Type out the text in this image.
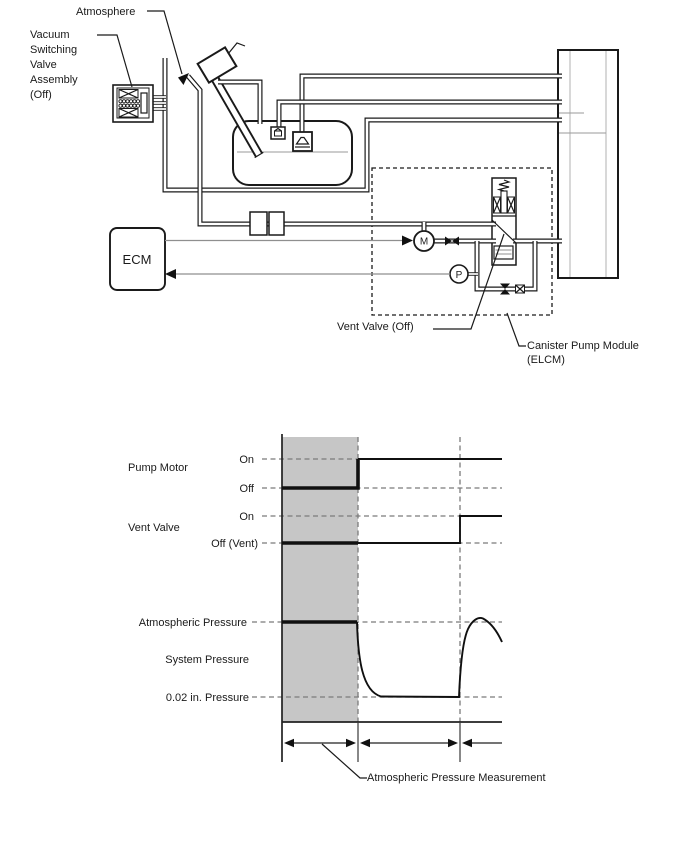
M
P
ECM
Atmosphere
Vacuum
Switching
Valve
Assembly
(Off)
Vent Valve (Off)
Canister Pump Module
(ELCM)
Pump Motor
On
Off
Vent Valve
On
Off (Vent)
Atmospheric Pressure
System Pressure
0.02 in. Pressure
Atmospheric Pressure Measurement
